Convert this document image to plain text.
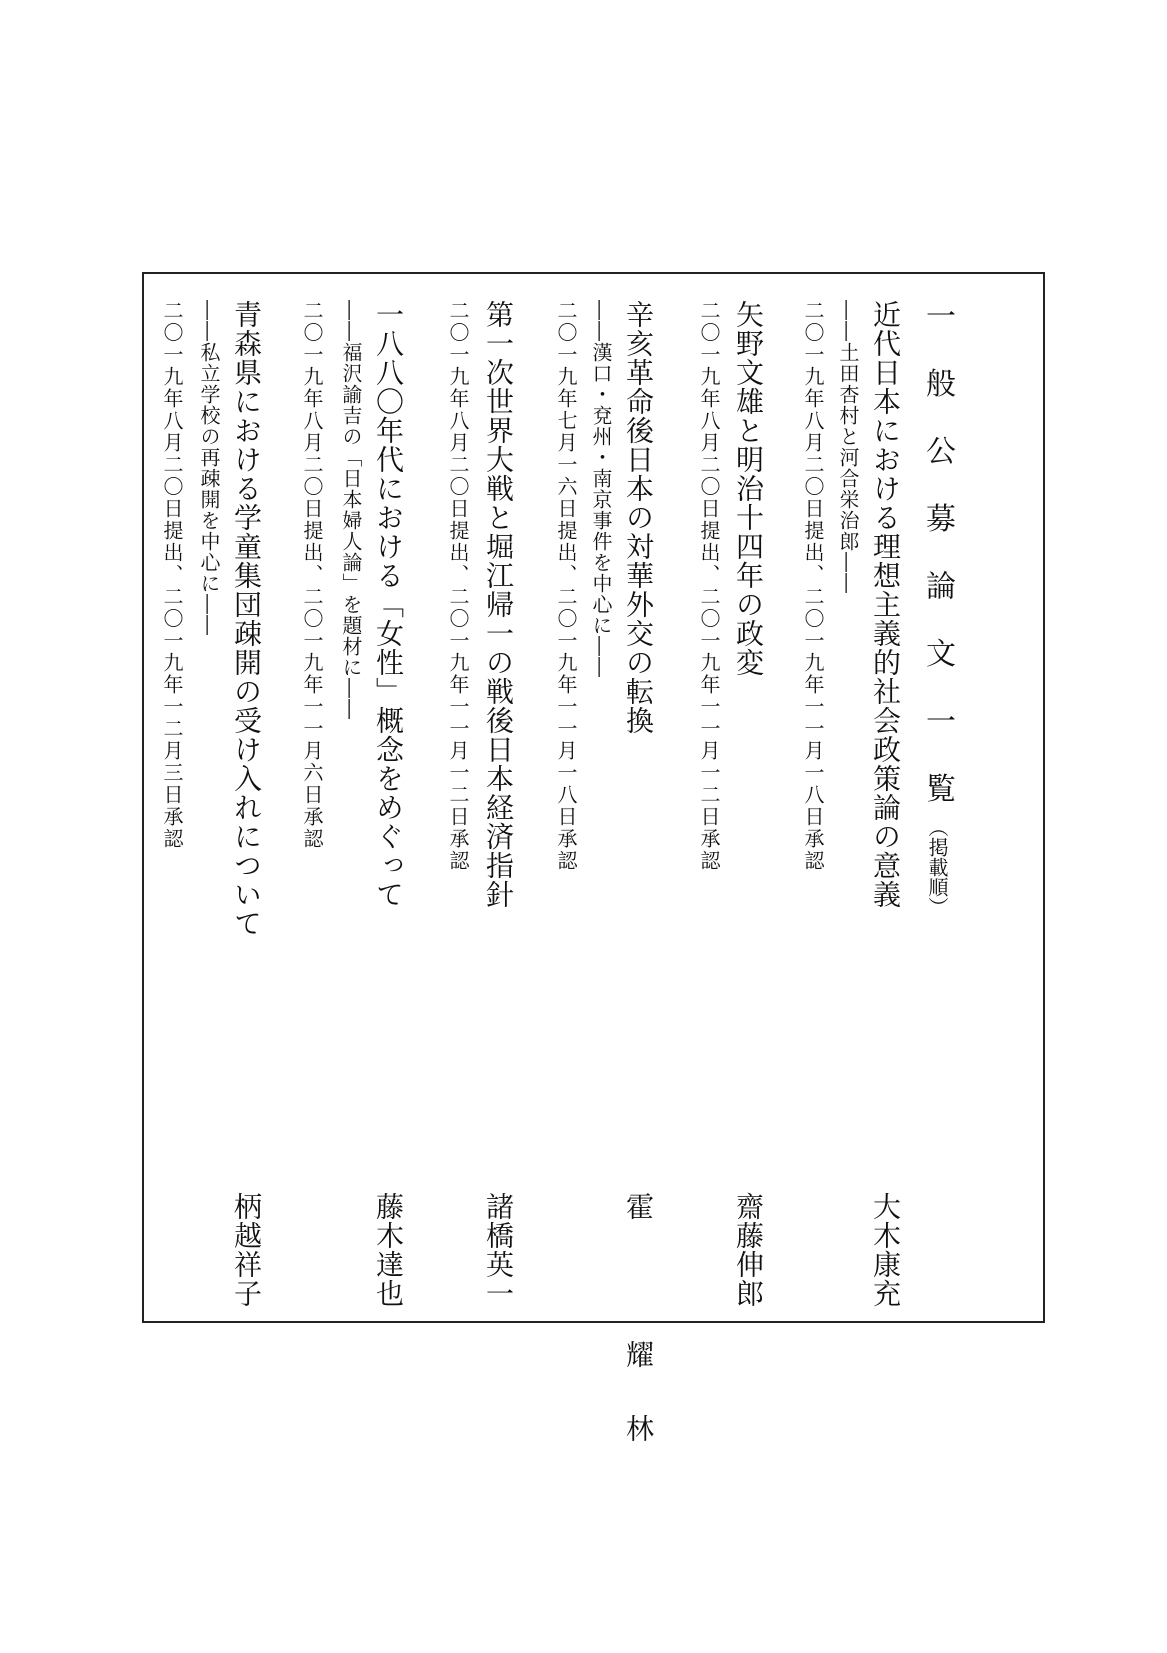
一 般 公 募 論 文 一 覧（掲載順）
近代日本における理想主義的社会政策論の意義
――土田杏村と河合栄治郎――
二〇一九年八月二〇日提出、二〇一九年一一月一八日承認
大木康充
矢野文雄と明治十四年の政変
二〇一九年八月二〇日提出、二〇一九年一一月一二日承認
齋藤伸郎
辛亥革命後日本の対華外交の転換
――漢口・兗州・南京事件を中心に――
二〇一九年七月一六日提出、二〇一九年一一月一八日承認
霍　耀林
第一次世界大戦と堀江帰一の戦後日本経済指針
二〇一九年八月二〇日提出、二〇一九年一一月一二日承認
諸橋英一
一八八〇年代における「女性」概念をめぐって
――福沢諭吉の「日本婦人論」を題材に――
二〇一九年八月二〇日提出、二〇一九年一一月六日承認
藤木達也
青森県における学童集団疎開の受け入れについて
――私立学校の再疎開を中心に――
二〇一九年八月二〇日提出、二〇一九年一二月三日承認
柄越祥子
